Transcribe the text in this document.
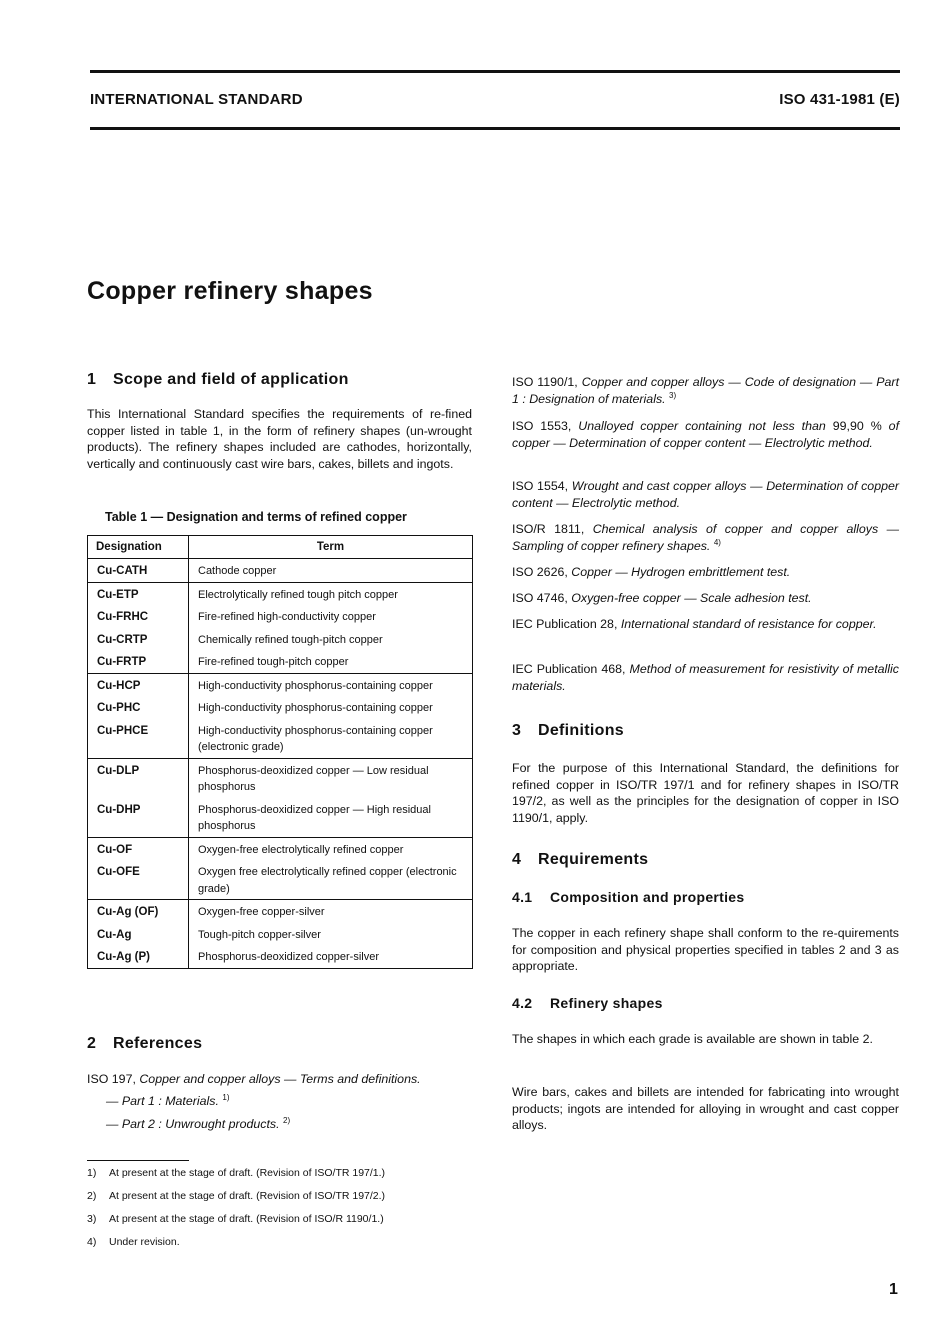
INTERNATIONAL STANDARD	ISO 431-1981 (E)
Copper refinery shapes
1 Scope and field of application
This International Standard specifies the requirements of re-fined copper listed in table 1, in the form of refinery shapes (un-wrought products). The refinery shapes included are cathodes, horizontally, vertically and continuously cast wire bars, cakes, billets and ingots.
Table 1 — Designation and terms of refined copper
Designation	Term
Cu-CATH	Cathode copper
Cu-ETP	Electrolytically refined tough pitch copper
Cu-FRHC	Fire-refined high-conductivity copper
Cu-CRTP	Chemically refined tough-pitch copper
Cu-FRTP	Fire-refined tough-pitch copper
Cu-HCP	High-conductivity phosphorus-containing copper
Cu-PHC	High-conductivity phosphorus-containing copper
Cu-PHCE	High-conductivity phosphorus-containing copper (electronic grade)
Cu-DLP	Phosphorus-deoxidized copper — Low residual phosphorus
Cu-DHP	Phosphorus-deoxidized copper — High residual phosphorus
Cu-OF	Oxygen-free electrolytically refined copper
Cu-OFE	Oxygen free electrolytically refined copper (electronic grade)
Cu-Ag (OF)	Oxygen-free copper-silver
Cu-Ag	Tough-pitch copper-silver
Cu-Ag (P)	Phosphorus-deoxidized copper-silver
2 References
ISO 197, Copper and copper alloys — Terms and definitions.
— Part 1 : Materials. $^{1)}$
— Part 2 : Unwrought products. $^{2)}$
ISO 1190/1, Copper and copper alloys — Code of designation — Part 1 : Designation of materials. $^{3)}$
ISO 1553, Unalloyed copper containing not less than 99,90 % of copper — Determination of copper content — Electrolytic method.
ISO 1554, Wrought and cast copper alloys — Determination of copper content — Electrolytic method.
ISO/R 1811, Chemical analysis of copper and copper alloys — Sampling of copper refinery shapes. $^{4)}$
ISO 2626, Copper — Hydrogen embrittlement test.
ISO 4746, Oxygen-free copper — Scale adhesion test.
IEC Publication 28, International standard of resistance for copper.
IEC Publication 468, Method of measurement for resistivity of metallic materials.
3 Definitions
For the purpose of this International Standard, the definitions for refined copper in ISO/TR 197/1 and for refinery shapes in ISO/TR 197/2, as well as the principles for the designation of copper in ISO 1190/1, apply.
4 Requirements
4.1 Composition and properties
The copper in each refinery shape shall conform to the re-quirements for composition and physical properties specified in tables 2 and 3 as appropriate.
4.2 Refinery shapes
The shapes in which each grade is available are shown in table 2.
Wire bars, cakes and billets are intended for fabricating into wrought products; ingots are intended for alloying in wrought and cast copper alloys.
1) At present at the stage of draft. (Revision of ISO/TR 197/1.)
2) At present at the stage of draft. (Revision of ISO/TR 197/2.)
3) At present at the stage of draft. (Revision of ISO/R 1190/1.)
4) Under revision.
1
